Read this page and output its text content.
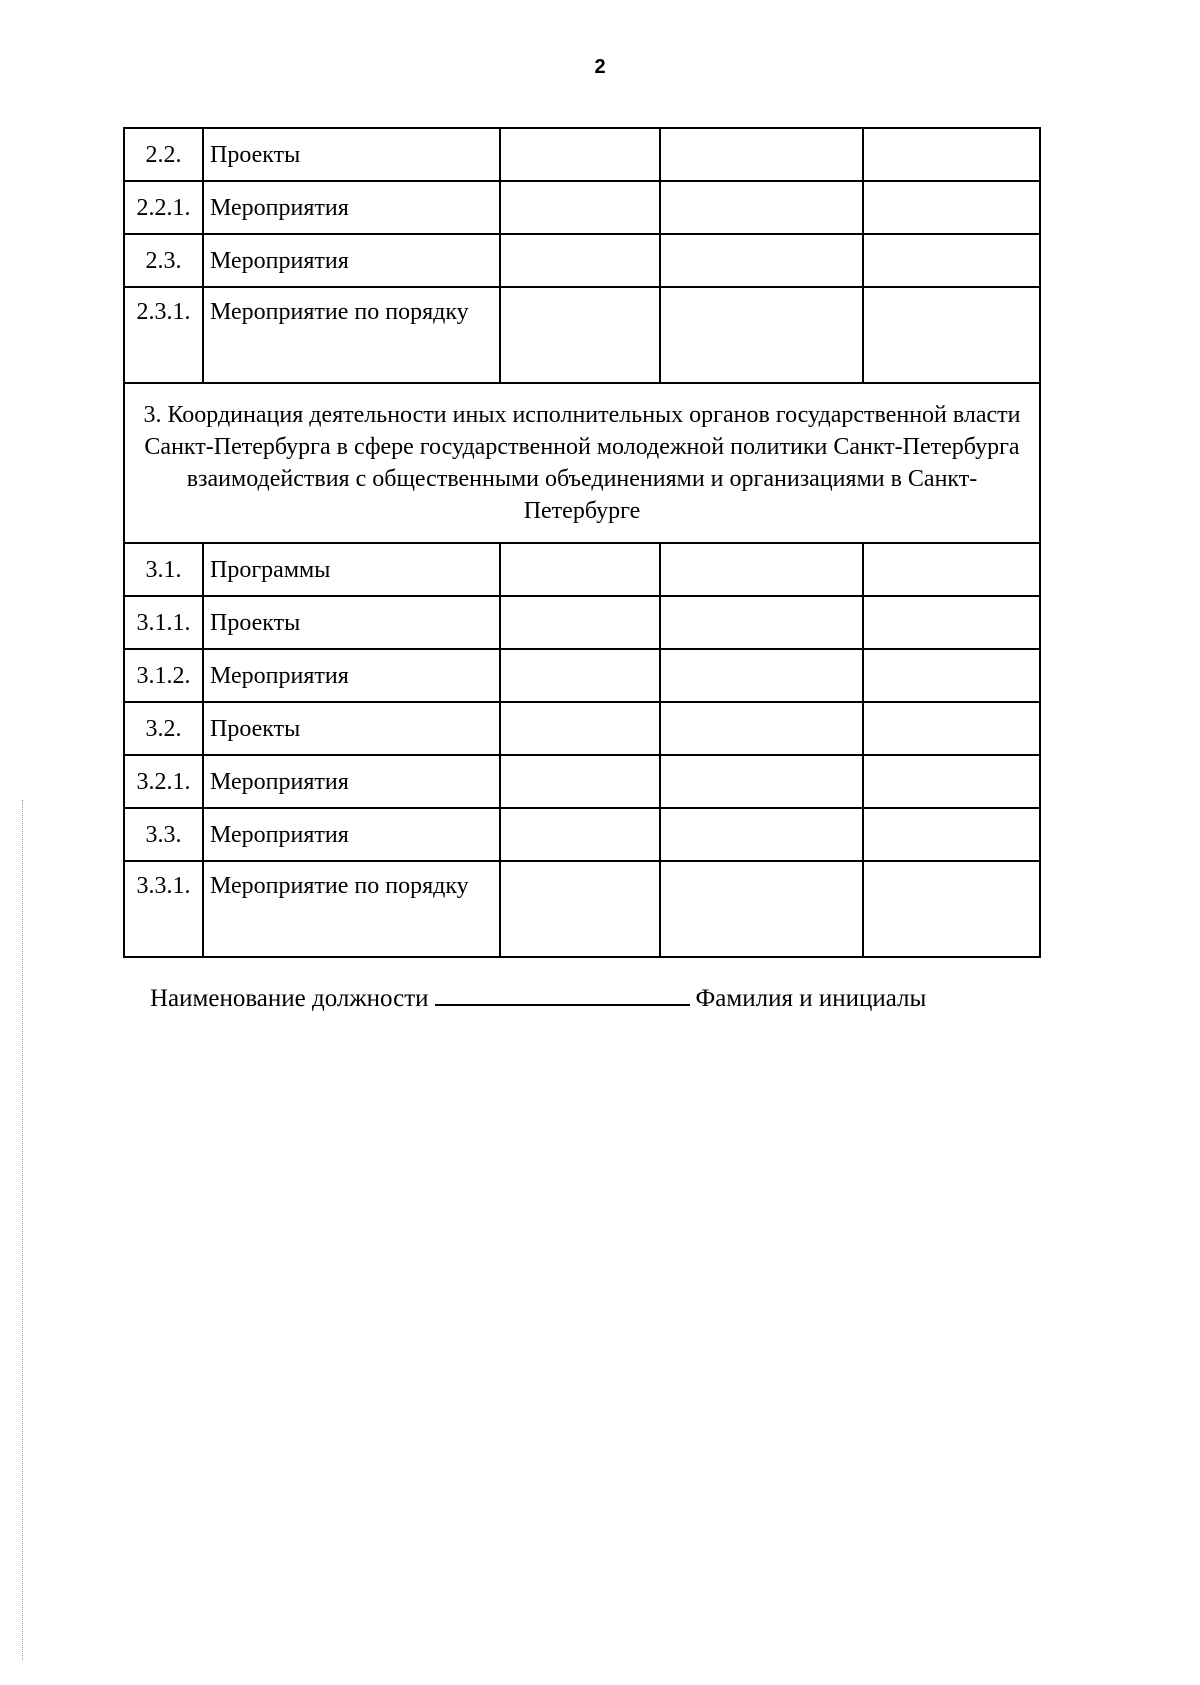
2
2.2.	Проекты			
2.2.1.	Мероприятия			
2.3.	Мероприятия			
2.3.1.	Мероприятие по порядку			
3. Координация деятельности иных исполнительных органов государственной власти Санкт-Петербурга в сфере государственной молодежной политики Санкт-Петербурга взаимодействия с общественными объединениями и организациями в Санкт-Петербурге				
3.1.	Программы			
3.1.1.	Проекты			
3.1.2.	Мероприятия			
3.2.	Проекты			
3.2.1.	Мероприятия			
3.3.	Мероприятия			
3.3.1.	Мероприятие по порядку			
Наименование должности	Фамилия и инициалы
